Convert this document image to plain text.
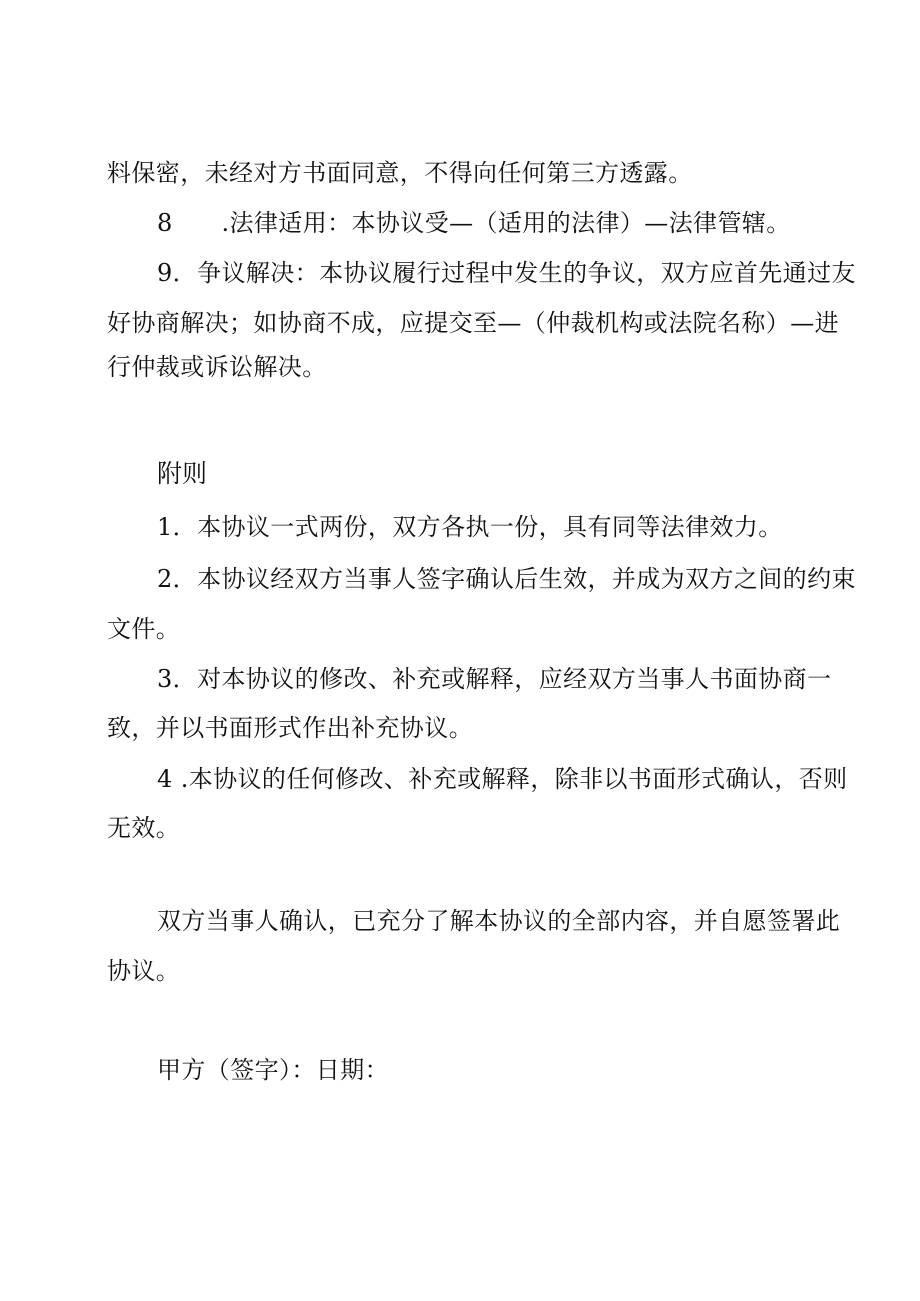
料保密，未经对方书面同意，不得向任何第三方透露。
8　　.法律适用：本协议受—（适用的法律）—法律管辖。
9．争议解决：本协议履行过程中发生的争议，双方应首先通过友
好协商解决；如协商不成，应提交至—（仲裁机构或法院名称）—进
行仲裁或诉讼解决。
附则
1．本协议一式两份，双方各执一份，具有同等法律效力。
2．本协议经双方当事人签字确认后生效，并成为双方之间的约束
文件。
3．对本协议的修改、补充或解释，应经双方当事人书面协商一
致，并以书面形式作出补充协议。
4 .本协议的任何修改、补充或解释，除非以书面形式确认，否则
无效。
双方当事人确认，已充分了解本协议的全部内容，并自愿签署此
协议。
甲方（签字）：日期：
